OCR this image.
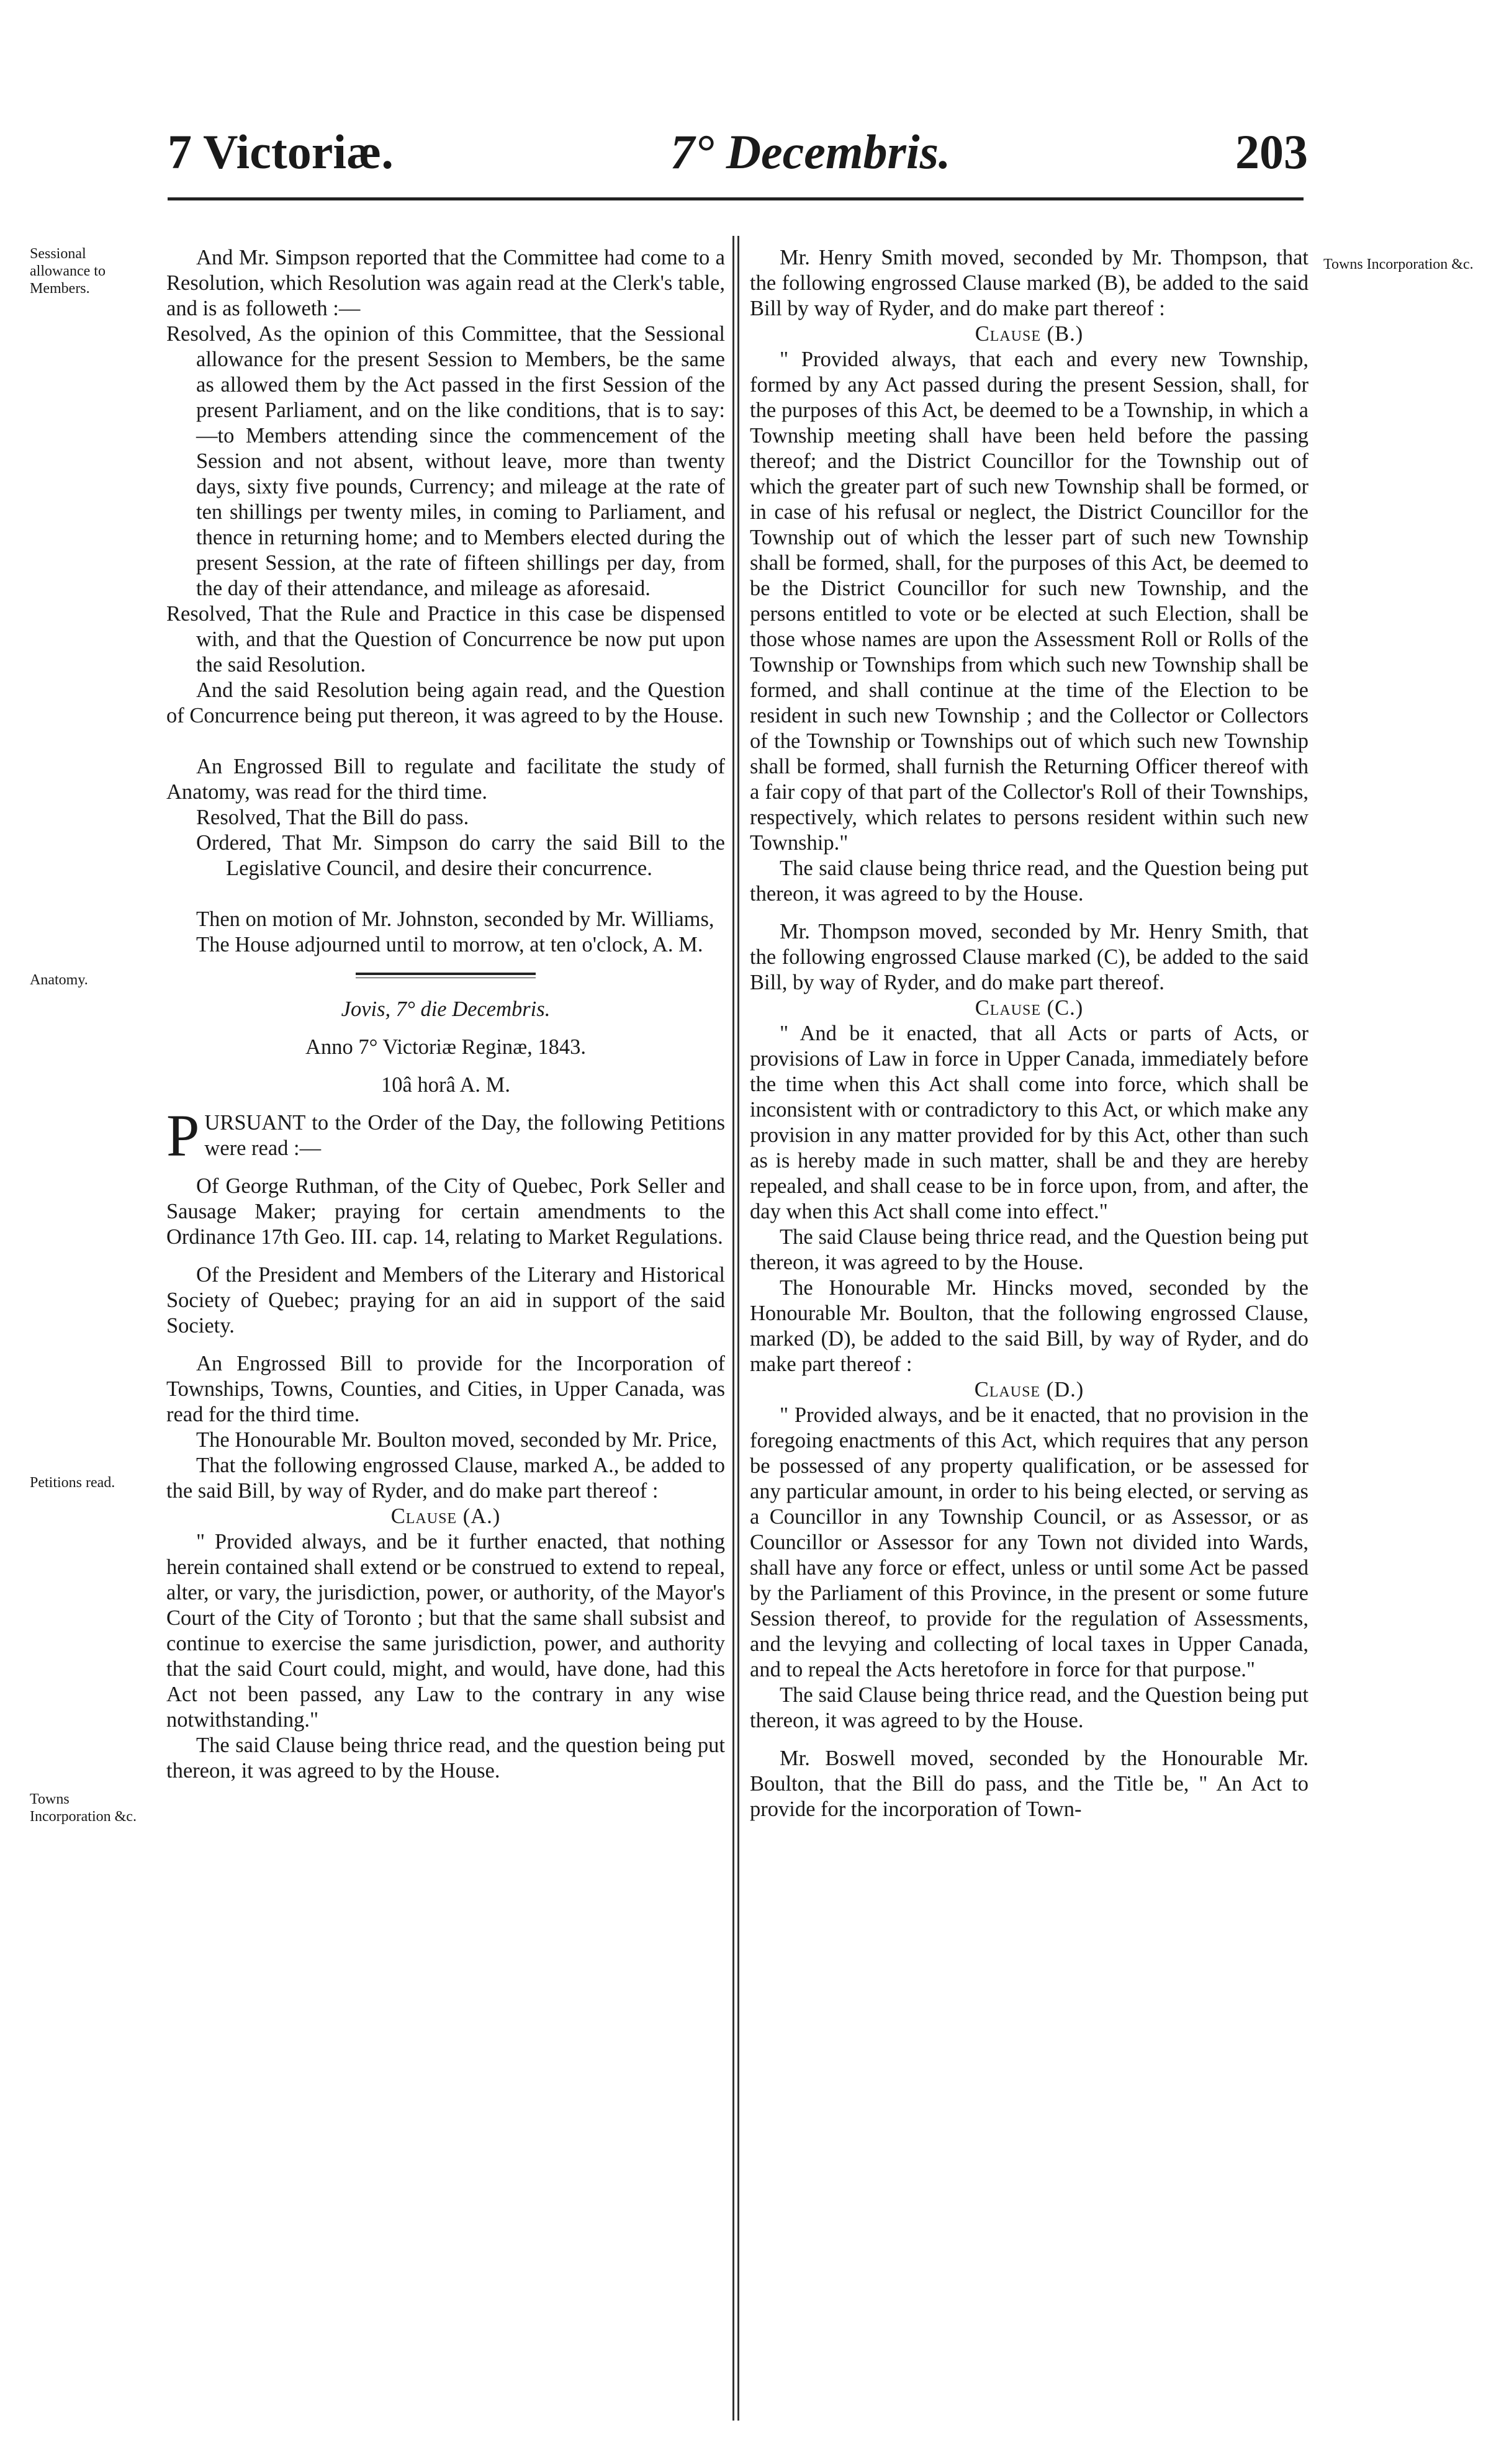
7 Victoriæ.	7° Decembris.	203
Sessional allowance to Members.
Anatomy.
Petitions read.
Towns Incorporation &c.
Towns Incorporation &c.

And Mr. Simpson reported that the Committee had come to a Resolution, which Resolution was again read at the Clerk's table, and is as followeth :—

Resolved, As the opinion of this Committee, that the Sessional allowance for the present Session to Members, be the same as allowed them by the Act passed in the first Session of the present Parliament, and on the like conditions, that is to say:—to Members attending since the commencement of the Session and not absent, without leave, more than twenty days, sixty five pounds, Currency; and mileage at the rate of ten shillings per twenty miles, in coming to Parliament, and thence in returning home; and to Members elected during the present Session, at the rate of fifteen shillings per day, from the day of their attendance, and mileage as aforesaid.

Resolved, That the Rule and Practice in this case be dispensed with, and that the Question of Concurrence be now put upon the said Resolution.

And the said Resolution being again read, and the Question of Concurrence being put thereon, it was agreed to by the House.

An Engrossed Bill to regulate and facilitate the study of Anatomy, was read for the third time.

Resolved, That the Bill do pass.

Ordered, That Mr. Simpson do carry the said Bill to the Legislative Council, and desire their concurrence.

Then on motion of Mr. Johnston, seconded by Mr. Williams,

The House adjourned until to morrow, at ten o'clock, A. M.

Jovis, 7° die Decembris.

Anno 7° Victoriæ Reginæ, 1843.

10â horâ A. M.

PURSUANT to the Order of the Day, the following Petitions were read :—

Of George Ruthman, of the City of Quebec, Pork Seller and Sausage Maker; praying for certain amendments to the Ordinance 17th Geo. III. cap. 14, relating to Market Regulations.

Of the President and Members of the Literary and Historical Society of Quebec; praying for an aid in support of the said Society.

An Engrossed Bill to provide for the Incorporation of Townships, Towns, Counties, and Cities, in Upper Canada, was read for the third time.

The Honourable Mr. Boulton moved, seconded by Mr. Price,

That the following engrossed Clause, marked A., be added to the said Bill, by way of Ryder, and do make part thereof :

Clause (A.)

" Provided always, and be it further enacted, that nothing herein contained shall extend or be construed to extend to repeal, alter, or vary, the jurisdiction, power, or authority, of the Mayor's Court of the City of Toronto ; but that the same shall subsist and continue to exercise the same jurisdiction, power, and authority that the said Court could, might, and would, have done, had this Act not been passed, any Law to the contrary in any wise notwithstanding."

The said Clause being thrice read, and the question being put thereon, it was agreed to by the House.

Mr. Henry Smith moved, seconded by Mr. Thompson, that the following engrossed Clause marked (B), be added to the said Bill by way of Ryder, and do make part thereof :

Clause (B.)

" Provided always, that each and every new Township, formed by any Act passed during the present Session, shall, for the purposes of this Act, be deemed to be a Township, in which a Township meeting shall have been held before the passing thereof; and the District Councillor for the Township out of which the greater part of such new Township shall be formed, or in case of his refusal or neglect, the District Councillor for the Township out of which the lesser part of such new Township shall be formed, shall, for the purposes of this Act, be deemed to be the District Councillor for such new Township, and the persons entitled to vote or be elected at such Election, shall be those whose names are upon the Assessment Roll or Rolls of the Township or Townships from which such new Township shall be formed, and shall continue at the time of the Election to be resident in such new Township ; and the Collector or Collectors of the Township or Townships out of which such new Township shall be formed, shall furnish the Returning Officer thereof with a fair copy of that part of the Collector's Roll of their Townships, respectively, which relates to persons resident within such new Township."

The said clause being thrice read, and the Question being put thereon, it was agreed to by the House.

Mr. Thompson moved, seconded by Mr. Henry Smith, that the following engrossed Clause marked (C), be added to the said Bill, by way of Ryder, and do make part thereof.

Clause (C.)

" And be it enacted, that all Acts or parts of Acts, or provisions of Law in force in Upper Canada, immediately before the time when this Act shall come into force, which shall be inconsistent with or contradictory to this Act, or which make any provision in any matter provided for by this Act, other than such as is hereby made in such matter, shall be and they are hereby repealed, and shall cease to be in force upon, from, and after, the day when this Act shall come into effect."

The said Clause being thrice read, and the Question being put thereon, it was agreed to by the House.

The Honourable Mr. Hincks moved, seconded by the Honourable Mr. Boulton, that the following engrossed Clause, marked (D), be added to the said Bill, by way of Ryder, and do make part thereof :

Clause (D.)

" Provided always, and be it enacted, that no provision in the foregoing enactments of this Act, which requires that any person be possessed of any property qualification, or be assessed for any particular amount, in order to his being elected, or serving as a Councillor in any Township Council, or as Assessor, or as Councillor or Assessor for any Town not divided into Wards, shall have any force or effect, unless or until some Act be passed by the Parliament of this Province, in the present or some future Session thereof, to provide for the regulation of Assessments, and the levying and collecting of local taxes in Upper Canada, and to repeal the Acts heretofore in force for that purpose."

The said Clause being thrice read, and the Question being put thereon, it was agreed to by the House.

Mr. Boswell moved, seconded by the Honourable Mr. Boulton, that the Bill do pass, and the Title be, " An Act to provide for the incorporation of Town-
